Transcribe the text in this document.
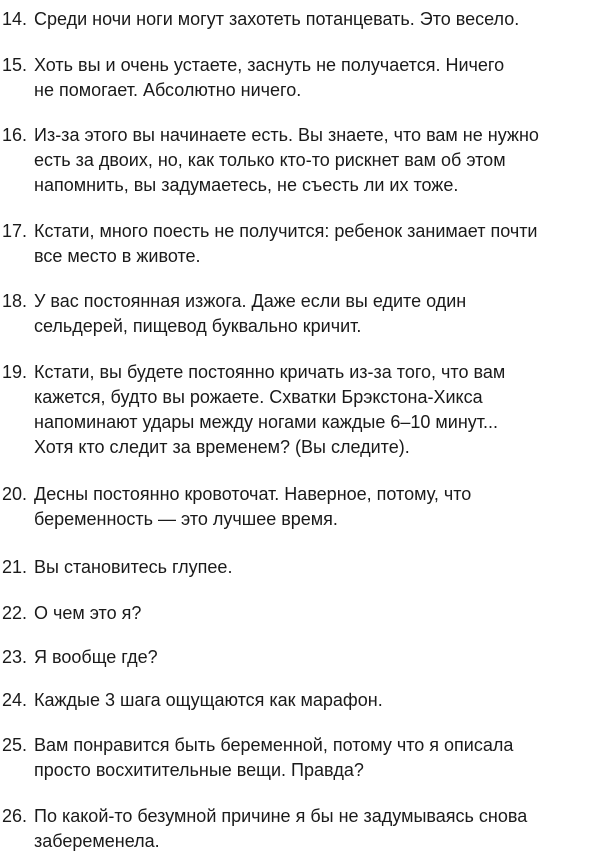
14. Среди ночи ноги могут захотеть потанцевать. Это весело.
15. Хоть вы и очень устаете, заснуть не получается. Ничего
не помогает. Абсолютно ничего.
16. Из-за этого вы начинаете есть. Вы знаете, что вам не нужно
есть за двоих, но, как только кто-то рискнет вам об этом
напомнить, вы задумаетесь, не съесть ли их тоже.
17. Кстати, много поесть не получится: ребенок занимает почти
все место в животе.
18. У вас постоянная изжога. Даже если вы едите один
сельдерей, пищевод буквально кричит.
19. Кстати, вы будете постоянно кричать из-за того, что вам
кажется, будто вы рожаете. Схватки Брэкстона-Хикса
напоминают удары между ногами каждые 6–10 минут...
Хотя кто следит за временем? (Вы следите).
20. Десны постоянно кровоточат. Наверное, потому, что
беременность — это лучшее время.
21. Вы становитесь глупее.
22. О чем это я?
23. Я вообще где?
24. Каждые 3 шага ощущаются как марафон.
25. Вам понравится быть беременной, потому что я описала
просто восхитительные вещи. Правда?
26. По какой-то безумной причине я бы не задумываясь снова
забеременела.
